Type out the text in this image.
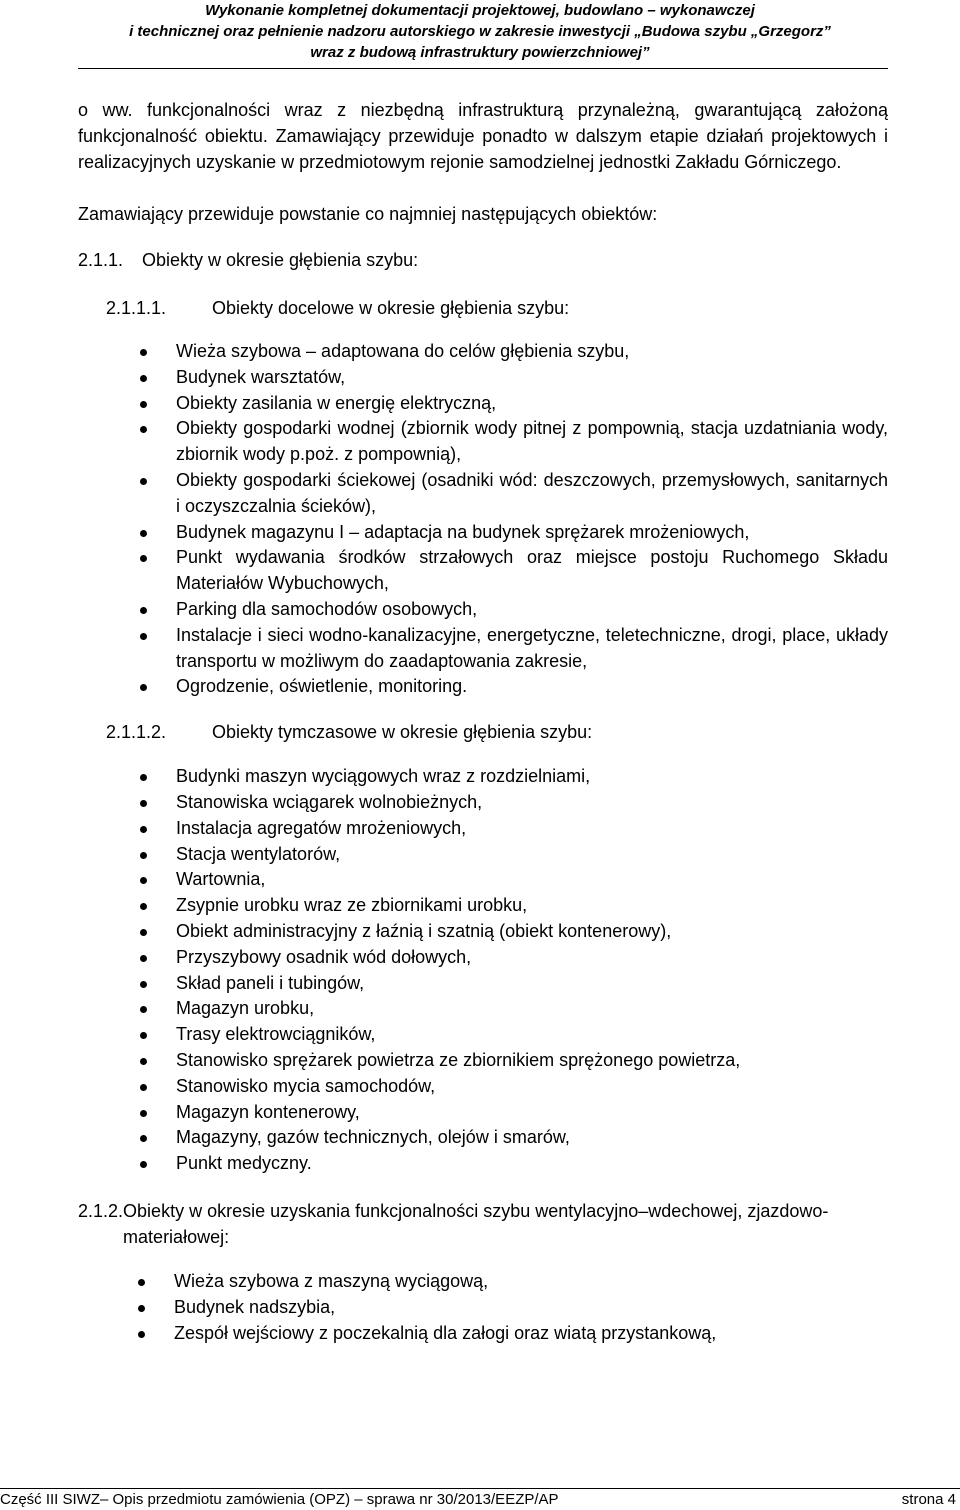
Wykonanie kompletnej dokumentacji projektowej, budowlano – wykonawczej
i technicznej oraz pełnienie nadzoru autorskiego w zakresie inwestycji „Budowa szybu „Grzegorz”
wraz z budową infrastruktury powierzchniowej”

o ww. funkcjonalności wraz z niezbędną infrastrukturą przynależną, gwarantującą założoną funkcjonalność obiektu. Zamawiający przewiduje ponadto w dalszym etapie działań projektowych i realizacyjnych uzyskanie w przedmiotowym rejonie samodzielnej jednostki Zakładu Górniczego.

Zamawiający przewiduje powstanie co najmniej następujących obiektów:

2.1.1. Obiekty w okresie głębienia szybu:
2.1.1.1.	Obiekty docelowe w okresie głębienia szybu:
Wieża szybowa – adaptowana do celów głębienia szybu,
Budynek warsztatów,
Obiekty zasilania w energię elektryczną,
Obiekty gospodarki wodnej (zbiornik wody pitnej z pompownią, stacja uzdatniania wody, zbiornik wody p.poż. z pompownią),
Obiekty gospodarki ściekowej (osadniki wód: deszczowych, przemysłowych, sanitarnych i oczyszczalnia ścieków),
Budynek magazynu I – adaptacja na budynek sprężarek mrożeniowych,
Punkt wydawania środków strzałowych oraz miejsce postoju Ruchomego Składu Materiałów Wybuchowych,
Parking dla samochodów osobowych,
Instalacje i sieci wodno-kanalizacyjne, energetyczne, teletechniczne, drogi, place, układy transportu w możliwym do zaadaptowania zakresie,
Ogrodzenie, oświetlenie, monitoring.
2.1.1.2.	Obiekty tymczasowe w okresie głębienia szybu:
Budynki maszyn wyciągowych wraz z rozdzielniami,
Stanowiska wciągarek wolnobieżnych,
Instalacja agregatów mrożeniowych,
Stacja wentylatorów,
Wartownia,
Zsypnie urobku wraz ze zbiornikami urobku,
Obiekt administracyjny z łaźnią i szatnią (obiekt kontenerowy),
Przyszybowy osadnik wód dołowych,
Skład paneli i tubingów,
Magazyn urobku,
Trasy elektrowciągników,
Stanowisko sprężarek powietrza ze zbiornikiem sprężonego powietrza,
Stanowisko mycia samochodów,
Magazyn kontenerowy,
Magazyny, gazów technicznych, olejów i smarów,
Punkt medyczny.
2.1.2. Obiekty w okresie uzyskania funkcjonalności szybu wentylacyjno–wdechowej, zjazdowo-materiałowej:
Wieża szybowa z maszyną wyciągową,
Budynek nadszybia,
Zespół wejściowy z poczekalnią dla załogi oraz wiatą przystankową,
Część III SIWZ– Opis przedmiotu zamówienia (OPZ) – sprawa nr 30/2013/EEZP/AP	strona 4
